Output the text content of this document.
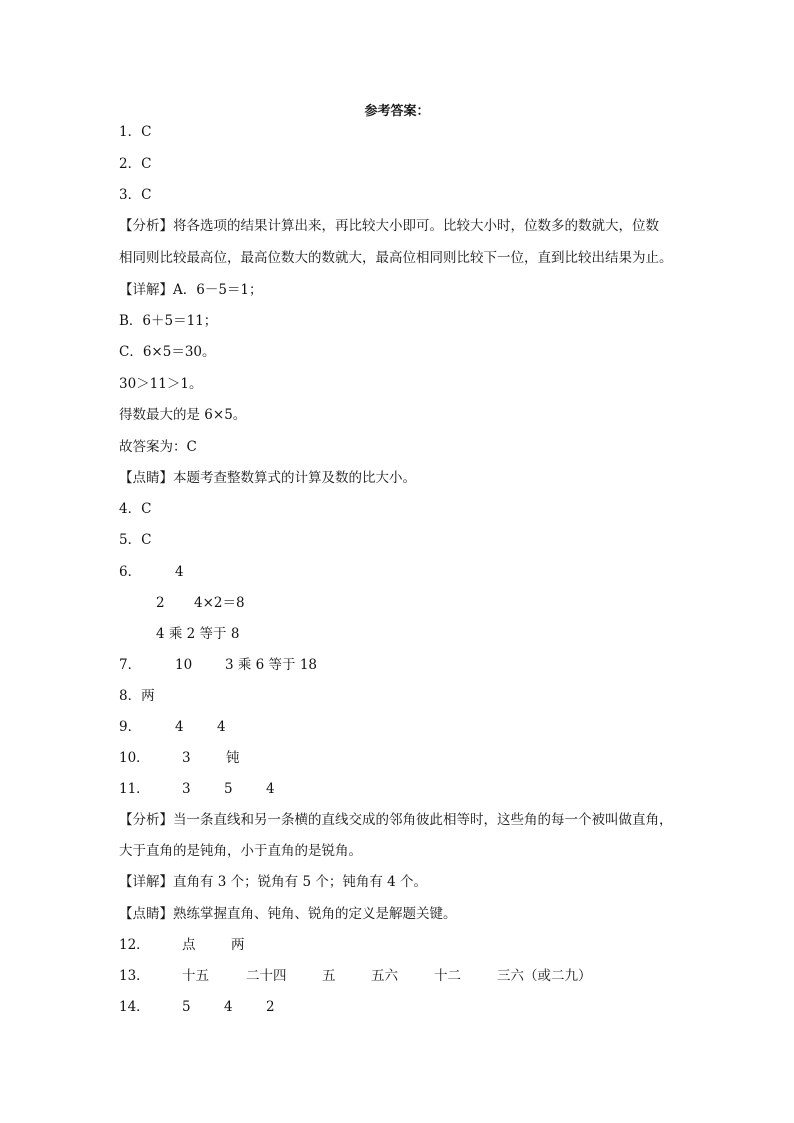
参考答案：
1．C
2．C
3．C
【分析】将各选项的结果计算出来，再比较大小即可。比较大小时，位数多的数就大，位数
相同则比较最高位，最高位数大的数就大，最高位相同则比较下一位，直到比较出结果为止。
【详解】A．6－5＝1；
B．6＋5＝11；
C．6×5＝30。
30＞11＞1。
得数最大的是 6×5。
故答案为：C
【点睛】本题考查整数算式的计算及数的比大小。
4．C
5．C
6．	4
2 4×2＝8
4 乘 2 等于 8
7．	10 3 乘 6 等于 18
8．两
9．	4 4
10． 3	钝
11． 3 5 4
【分析】当一条直线和另一条横的直线交成的邻角彼此相等时，这些角的每一个被叫做直角，
大于直角的是钝角，小于直角的是锐角。
【详解】直角有 3 个；锐角有 5 个；钝角有 4 个。
【点睛】熟练掌握直角、钝角、锐角的定义是解题关键。
12． 点	两
13． 十五	二十四	五	五六	十二	三六（或二九）
14． 5 4 2
